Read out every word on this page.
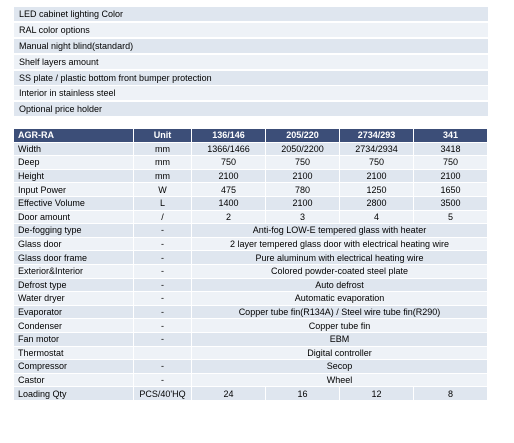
LED cabinet lighting Color
RAL color options
Manual night blind(standard)
Shelf layers amount
SS plate / plastic bottom front bumper protection
Interior in stainless steel
Optional price holder
AGR-RA	Unit	136/146	205/220	2734/293	341
Width	mm	1366/1466	2050/2200	2734/2934	3418
Deep	mm	750	750	750	750
Height	mm	2100	2100	2100	2100
Input Power	W	475	780	1250	1650
Effective Volume	L	1400	2100	2800	3500
Door amount	/	2	3	4	5
De-fogging type	-	Anti-fog LOW-E tempered glass with heater			
Glass door	-	2 layer tempered glass door with electrical heating wire			
Glass door frame	-	Pure aluminum with electrical heating wire			
Exterior&Interior	-	Colored powder-coated steel plate			
Defrost type	-	Auto defrost			
Water dryer	-	Automatic evaporation			
Evaporator	-	Copper tube fin(R134A) / Steel wire tube fin(R290)			
Condenser	-	Copper tube fin			
Fan motor	-	EBM			
Thermostat		Digital controller			
Compressor	-	Secop			
Castor	-	Wheel			
Loading Qty	PCS/40'HQ	24	16	12	8
